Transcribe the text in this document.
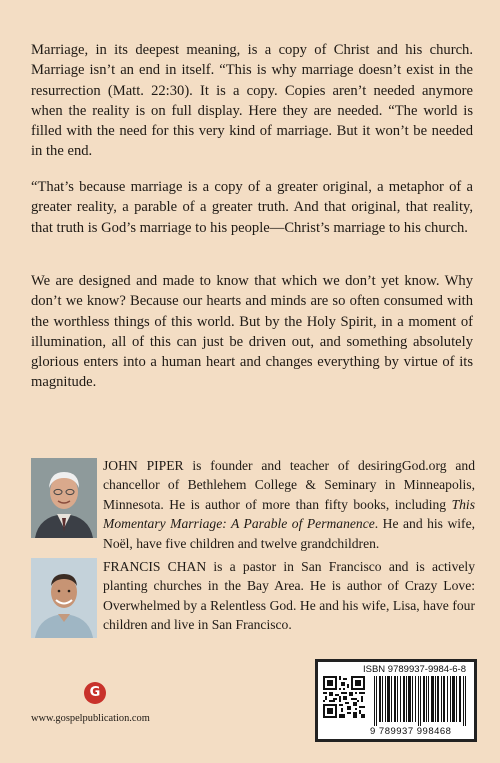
Marriage, in its deepest meaning, is a copy of Christ and his church. Marriage isn’t an end in itself. “This is why marriage doesn’t exist in the resurrection (Matt. 22:30). It is a copy. Copies aren’t needed anymore when the reality is on full display. Here they are needed. “The world is filled with the need for this very kind of marriage. But it won’t be needed in the end.

“That’s because marriage is a copy of a greater original, a metaphor of a greater reality, a parable of a greater truth. And that original, that reality, that truth is God’s marriage to his people—Christ’s marriage to his church.

We are designed and made to know that which we don’t yet know. Why don’t we know? Because our hearts and minds are so often consumed with the worthless things of this world. But by the Holy Spirit, in a moment of illumination, all of this can just be driven out, and something absolutely glorious enters into a human heart and changes everything by virtue of its magnitude.

JOHN PIPER is founder and teacher of desiringGod.org and chancellor of Bethlehem College & Seminary in Minneapolis, Minnesota. He is author of more than fifty books, including This Momentary Marriage: A Parable of Permanence. He and his wife, Noël, have five children and twelve grandchildren.

FRANCIS CHAN is a pastor in San Francisco and is actively planting churches in the Bay Area. He is author of Crazy Love: Overwhelmed by a Relentless God. He and his wife, Lisa, have four children and live in San Francisco.

G
www.gospelpublication.com
ISBN 9789937-9984-6-8
9 789937 998468
